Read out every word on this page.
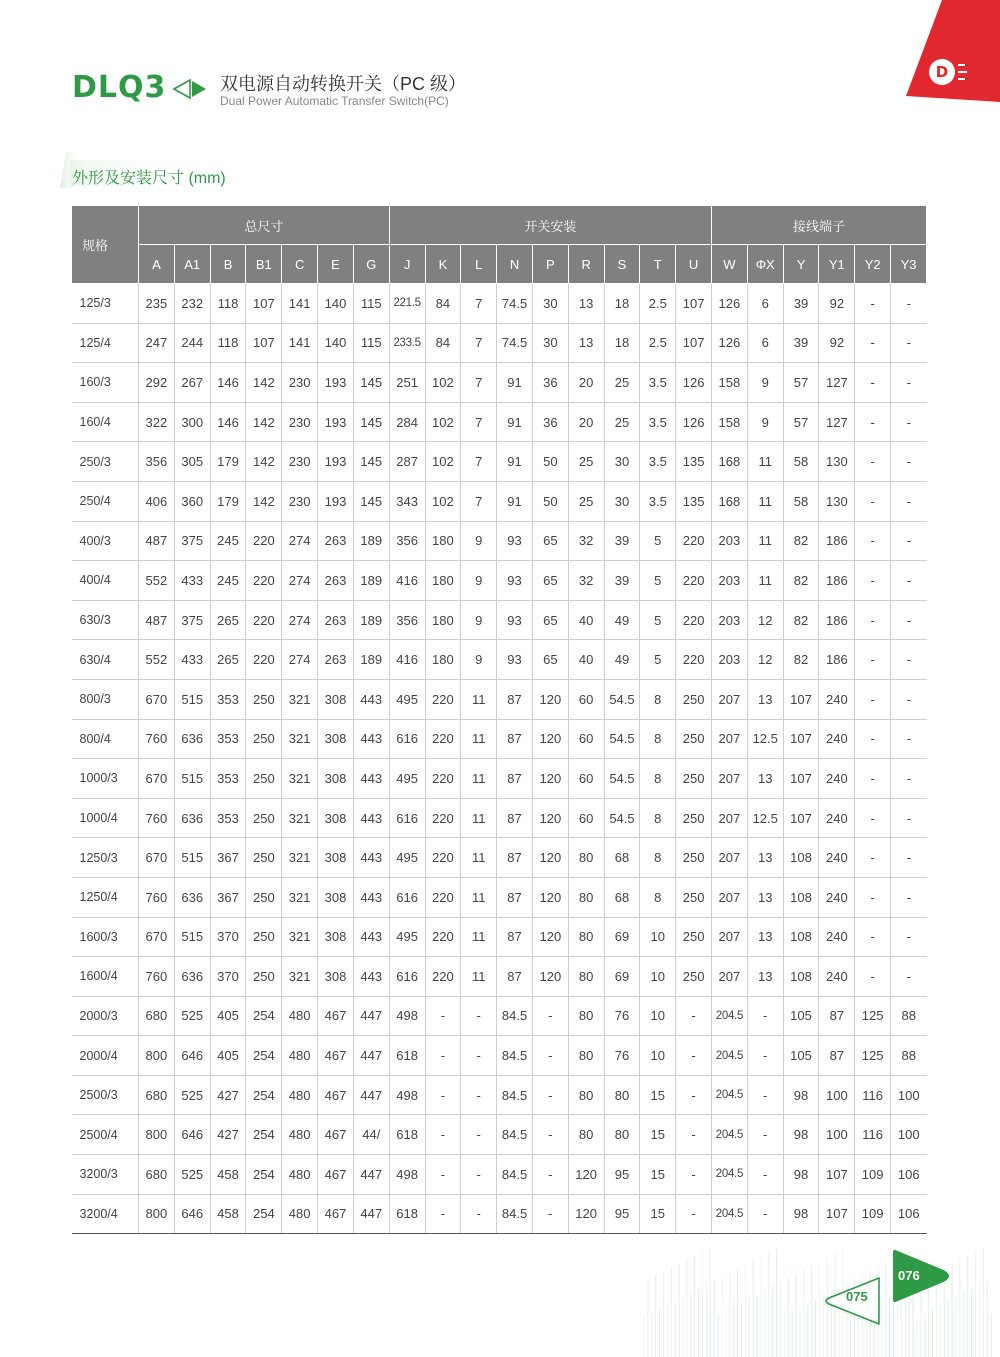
D
DLQ3	双电源自动转换开关（PC 级）
Dual Power Automatic Transfer Switch(PC)
外形及安装尺寸 (mm)
规格	总尺寸							开关安装									接线端子					
	A	A1	B	B1	C	E	G	J	K	L	N	P	R	S	T	U	W	ΦX	Y	Y1	Y2	Y3
125/3	235	232	118	107	141	140	115	221.5	84	7	74.5	30	13	18	2.5	107	126	6	39	92	-	-
125/4	247	244	118	107	141	140	115	233.5	84	7	74.5	30	13	18	2.5	107	126	6	39	92	-	-
160/3	292	267	146	142	230	193	145	251	102	7	91	36	20	25	3.5	126	158	9	57	127	-	-
160/4	322	300	146	142	230	193	145	284	102	7	91	36	20	25	3.5	126	158	9	57	127	-	-
250/3	356	305	179	142	230	193	145	287	102	7	91	50	25	30	3.5	135	168	11	58	130	-	-
250/4	406	360	179	142	230	193	145	343	102	7	91	50	25	30	3.5	135	168	11	58	130	-	-
400/3	487	375	245	220	274	263	189	356	180	9	93	65	32	39	5	220	203	11	82	186	-	-
400/4	552	433	245	220	274	263	189	416	180	9	93	65	32	39	5	220	203	11	82	186	-	-
630/3	487	375	265	220	274	263	189	356	180	9	93	65	40	49	5	220	203	12	82	186	-	-
630/4	552	433	265	220	274	263	189	416	180	9	93	65	40	49	5	220	203	12	82	186	-	-
800/3	670	515	353	250	321	308	443	495	220	11	87	120	60	54.5	8	250	207	13	107	240	-	-
800/4	760	636	353	250	321	308	443	616	220	11	87	120	60	54.5	8	250	207	12.5	107	240	-	-
1000/3	670	515	353	250	321	308	443	495	220	11	87	120	60	54.5	8	250	207	13	107	240	-	-
1000/4	760	636	353	250	321	308	443	616	220	11	87	120	60	54.5	8	250	207	12.5	107	240	-	-
1250/3	670	515	367	250	321	308	443	495	220	11	87	120	80	68	8	250	207	13	108	240	-	-
1250/4	760	636	367	250	321	308	443	616	220	11	87	120	80	68	8	250	207	13	108	240	-	-
1600/3	670	515	370	250	321	308	443	495	220	11	87	120	80	69	10	250	207	13	108	240	-	-
1600/4	760	636	370	250	321	308	443	616	220	11	87	120	80	69	10	250	207	13	108	240	-	-
2000/3	680	525	405	254	480	467	447	498	-	-	84.5	-	80	76	10	-	204.5	-	105	87	125	88
2000/4	800	646	405	254	480	467	447	618	-	-	84.5	-	80	76	10	-	204.5	-	105	87	125	88
2500/3	680	525	427	254	480	467	447	498	-	-	84.5	-	80	80	15	-	204.5	-	98	100	116	100
2500/4	800	646	427	254	480	467	44/	618	-	-	84.5	-	80	80	15	-	204.5	-	98	100	116	100
3200/3	680	525	458	254	480	467	447	498	-	-	84.5	-	120	95	15	-	204.5	-	98	107	109	106
3200/4	800	646	458	254	480	467	447	618	-	-	84.5	-	120	95	15	-	204.5	-	98	107	109	106
076
075
